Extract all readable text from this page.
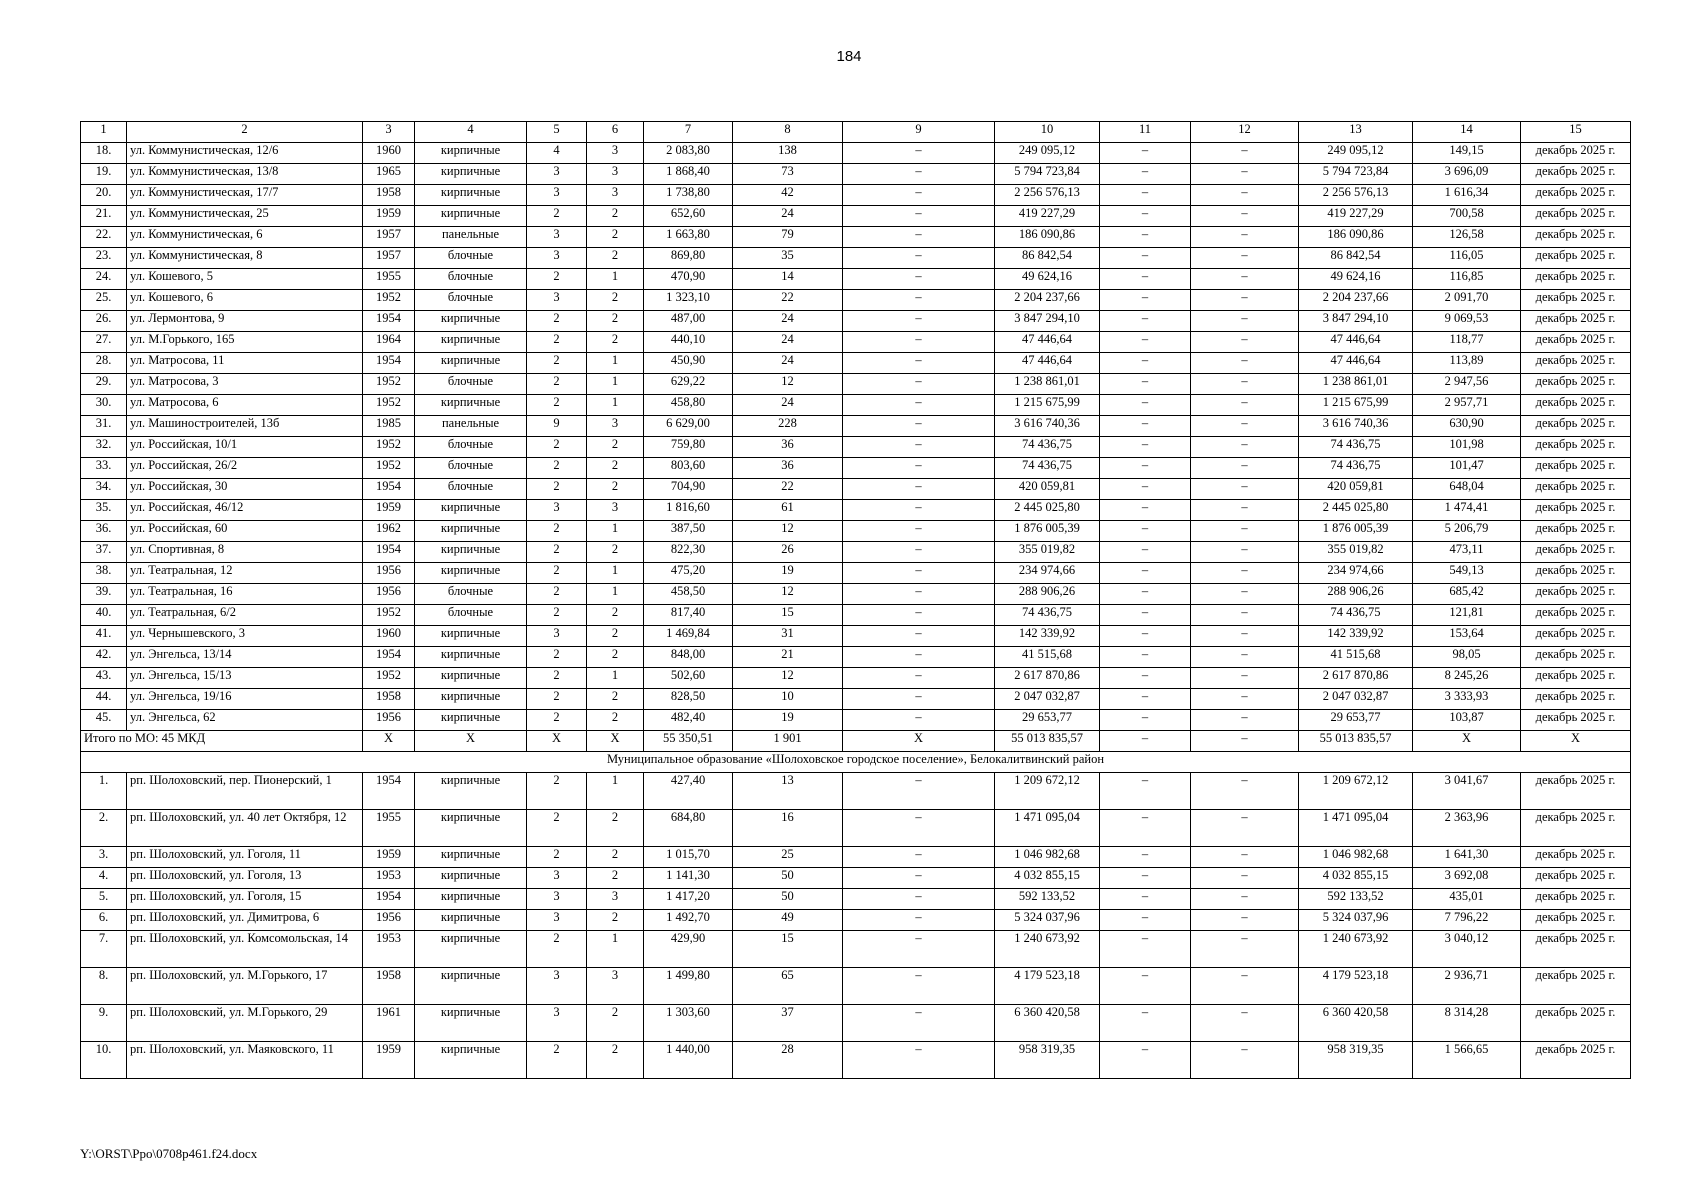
184
1	2	3	4	5	6	7	8	9	10	11	12	13	14	15
18.	ул. Коммунистическая, 12/6	1960	кирпичные	4	3	2 083,80	138	–	249 095,12	–	–	249 095,12	149,15	декабрь 2025 г.
19.	ул. Коммунистическая, 13/8	1965	кирпичные	3	3	1 868,40	73	–	5 794 723,84	–	–	5 794 723,84	3 696,09	декабрь 2025 г.
20.	ул. Коммунистическая, 17/7	1958	кирпичные	3	3	1 738,80	42	–	2 256 576,13	–	–	2 256 576,13	1 616,34	декабрь 2025 г.
21.	ул. Коммунистическая, 25	1959	кирпичные	2	2	652,60	24	–	419 227,29	–	–	419 227,29	700,58	декабрь 2025 г.
22.	ул. Коммунистическая, 6	1957	панельные	3	2	1 663,80	79	–	186 090,86	–	–	186 090,86	126,58	декабрь 2025 г.
23.	ул. Коммунистическая, 8	1957	блочные	3	2	869,80	35	–	86 842,54	–	–	86 842,54	116,05	декабрь 2025 г.
24.	ул. Кошевого, 5	1955	блочные	2	1	470,90	14	–	49 624,16	–	–	49 624,16	116,85	декабрь 2025 г.
25.	ул. Кошевого, 6	1952	блочные	3	2	1 323,10	22	–	2 204 237,66	–	–	2 204 237,66	2 091,70	декабрь 2025 г.
26.	ул. Лермонтова, 9	1954	кирпичные	2	2	487,00	24	–	3 847 294,10	–	–	3 847 294,10	9 069,53	декабрь 2025 г.
27.	ул. М.Горького, 165	1964	кирпичные	2	2	440,10	24	–	47 446,64	–	–	47 446,64	118,77	декабрь 2025 г.
28.	ул. Матросова, 11	1954	кирпичные	2	1	450,90	24	–	47 446,64	–	–	47 446,64	113,89	декабрь 2025 г.
29.	ул. Матросова, 3	1952	блочные	2	1	629,22	12	–	1 238 861,01	–	–	1 238 861,01	2 947,56	декабрь 2025 г.
30.	ул. Матросова, 6	1952	кирпичные	2	1	458,80	24	–	1 215 675,99	–	–	1 215 675,99	2 957,71	декабрь 2025 г.
31.	ул. Машиностроителей, 13б	1985	панельные	9	3	6 629,00	228	–	3 616 740,36	–	–	3 616 740,36	630,90	декабрь 2025 г.
32.	ул. Российская, 10/1	1952	блочные	2	2	759,80	36	–	74 436,75	–	–	74 436,75	101,98	декабрь 2025 г.
33.	ул. Российская, 26/2	1952	блочные	2	2	803,60	36	–	74 436,75	–	–	74 436,75	101,47	декабрь 2025 г.
34.	ул. Российская, 30	1954	блочные	2	2	704,90	22	–	420 059,81	–	–	420 059,81	648,04	декабрь 2025 г.
35.	ул. Российская, 46/12	1959	кирпичные	3	3	1 816,60	61	–	2 445 025,80	–	–	2 445 025,80	1 474,41	декабрь 2025 г.
36.	ул. Российская, 60	1962	кирпичные	2	1	387,50	12	–	1 876 005,39	–	–	1 876 005,39	5 206,79	декабрь 2025 г.
37.	ул. Спортивная, 8	1954	кирпичные	2	2	822,30	26	–	355 019,82	–	–	355 019,82	473,11	декабрь 2025 г.
38.	ул. Театральная, 12	1956	кирпичные	2	1	475,20	19	–	234 974,66	–	–	234 974,66	549,13	декабрь 2025 г.
39.	ул. Театральная, 16	1956	блочные	2	1	458,50	12	–	288 906,26	–	–	288 906,26	685,42	декабрь 2025 г.
40.	ул. Театральная, 6/2	1952	блочные	2	2	817,40	15	–	74 436,75	–	–	74 436,75	121,81	декабрь 2025 г.
41.	ул. Чернышевского, 3	1960	кирпичные	3	2	1 469,84	31	–	142 339,92	–	–	142 339,92	153,64	декабрь 2025 г.
42.	ул. Энгельса, 13/14	1954	кирпичные	2	2	848,00	21	–	41 515,68	–	–	41 515,68	98,05	декабрь 2025 г.
43.	ул. Энгельса, 15/13	1952	кирпичные	2	1	502,60	12	–	2 617 870,86	–	–	2 617 870,86	8 245,26	декабрь 2025 г.
44.	ул. Энгельса, 19/16	1958	кирпичные	2	2	828,50	10	–	2 047 032,87	–	–	2 047 032,87	3 333,93	декабрь 2025 г.
45.	ул. Энгельса, 62	1956	кирпичные	2	2	482,40	19	–	29 653,77	–	–	29 653,77	103,87	декабрь 2025 г.
Итого по МО: 45 МКД		X	X	X	X	55 350,51	1 901	X	55 013 835,57	–	–	55 013 835,57	X	X
Муниципальное образование «Шолоховское городское поселение», Белокалитвинский район														
1.	рп. Шолоховский, пер. Пионерский, 1	1954	кирпичные	2	1	427,40	13	–	1 209 672,12	–	–	1 209 672,12	3 041,67	декабрь 2025 г.
2.	рп. Шолоховский, ул. 40 лет Октября, 12	1955	кирпичные	2	2	684,80	16	–	1 471 095,04	–	–	1 471 095,04	2 363,96	декабрь 2025 г.
3.	рп. Шолоховский, ул. Гоголя, 11	1959	кирпичные	2	2	1 015,70	25	–	1 046 982,68	–	–	1 046 982,68	1 641,30	декабрь 2025 г.
4.	рп. Шолоховский, ул. Гоголя, 13	1953	кирпичные	3	2	1 141,30	50	–	4 032 855,15	–	–	4 032 855,15	3 692,08	декабрь 2025 г.
5.	рп. Шолоховский, ул. Гоголя, 15	1954	кирпичные	3	3	1 417,20	50	–	592 133,52	–	–	592 133,52	435,01	декабрь 2025 г.
6.	рп. Шолоховский, ул. Димитрова, 6	1956	кирпичные	3	2	1 492,70	49	–	5 324 037,96	–	–	5 324 037,96	7 796,22	декабрь 2025 г.
7.	рп. Шолоховский, ул. Комсомольская, 14	1953	кирпичные	2	1	429,90	15	–	1 240 673,92	–	–	1 240 673,92	3 040,12	декабрь 2025 г.
8.	рп. Шолоховский, ул. М.Горького, 17	1958	кирпичные	3	3	1 499,80	65	–	4 179 523,18	–	–	4 179 523,18	2 936,71	декабрь 2025 г.
9.	рп. Шолоховский, ул. М.Горького, 29	1961	кирпичные	3	2	1 303,60	37	–	6 360 420,58	–	–	6 360 420,58	8 314,28	декабрь 2025 г.
10.	рп. Шолоховский, ул. Маяковского, 11	1959	кирпичные	2	2	1 440,00	28	–	958 319,35	–	–	958 319,35	1 566,65	декабрь 2025 г.
Y:\ORST\Ppo\0708p461.f24.docx
